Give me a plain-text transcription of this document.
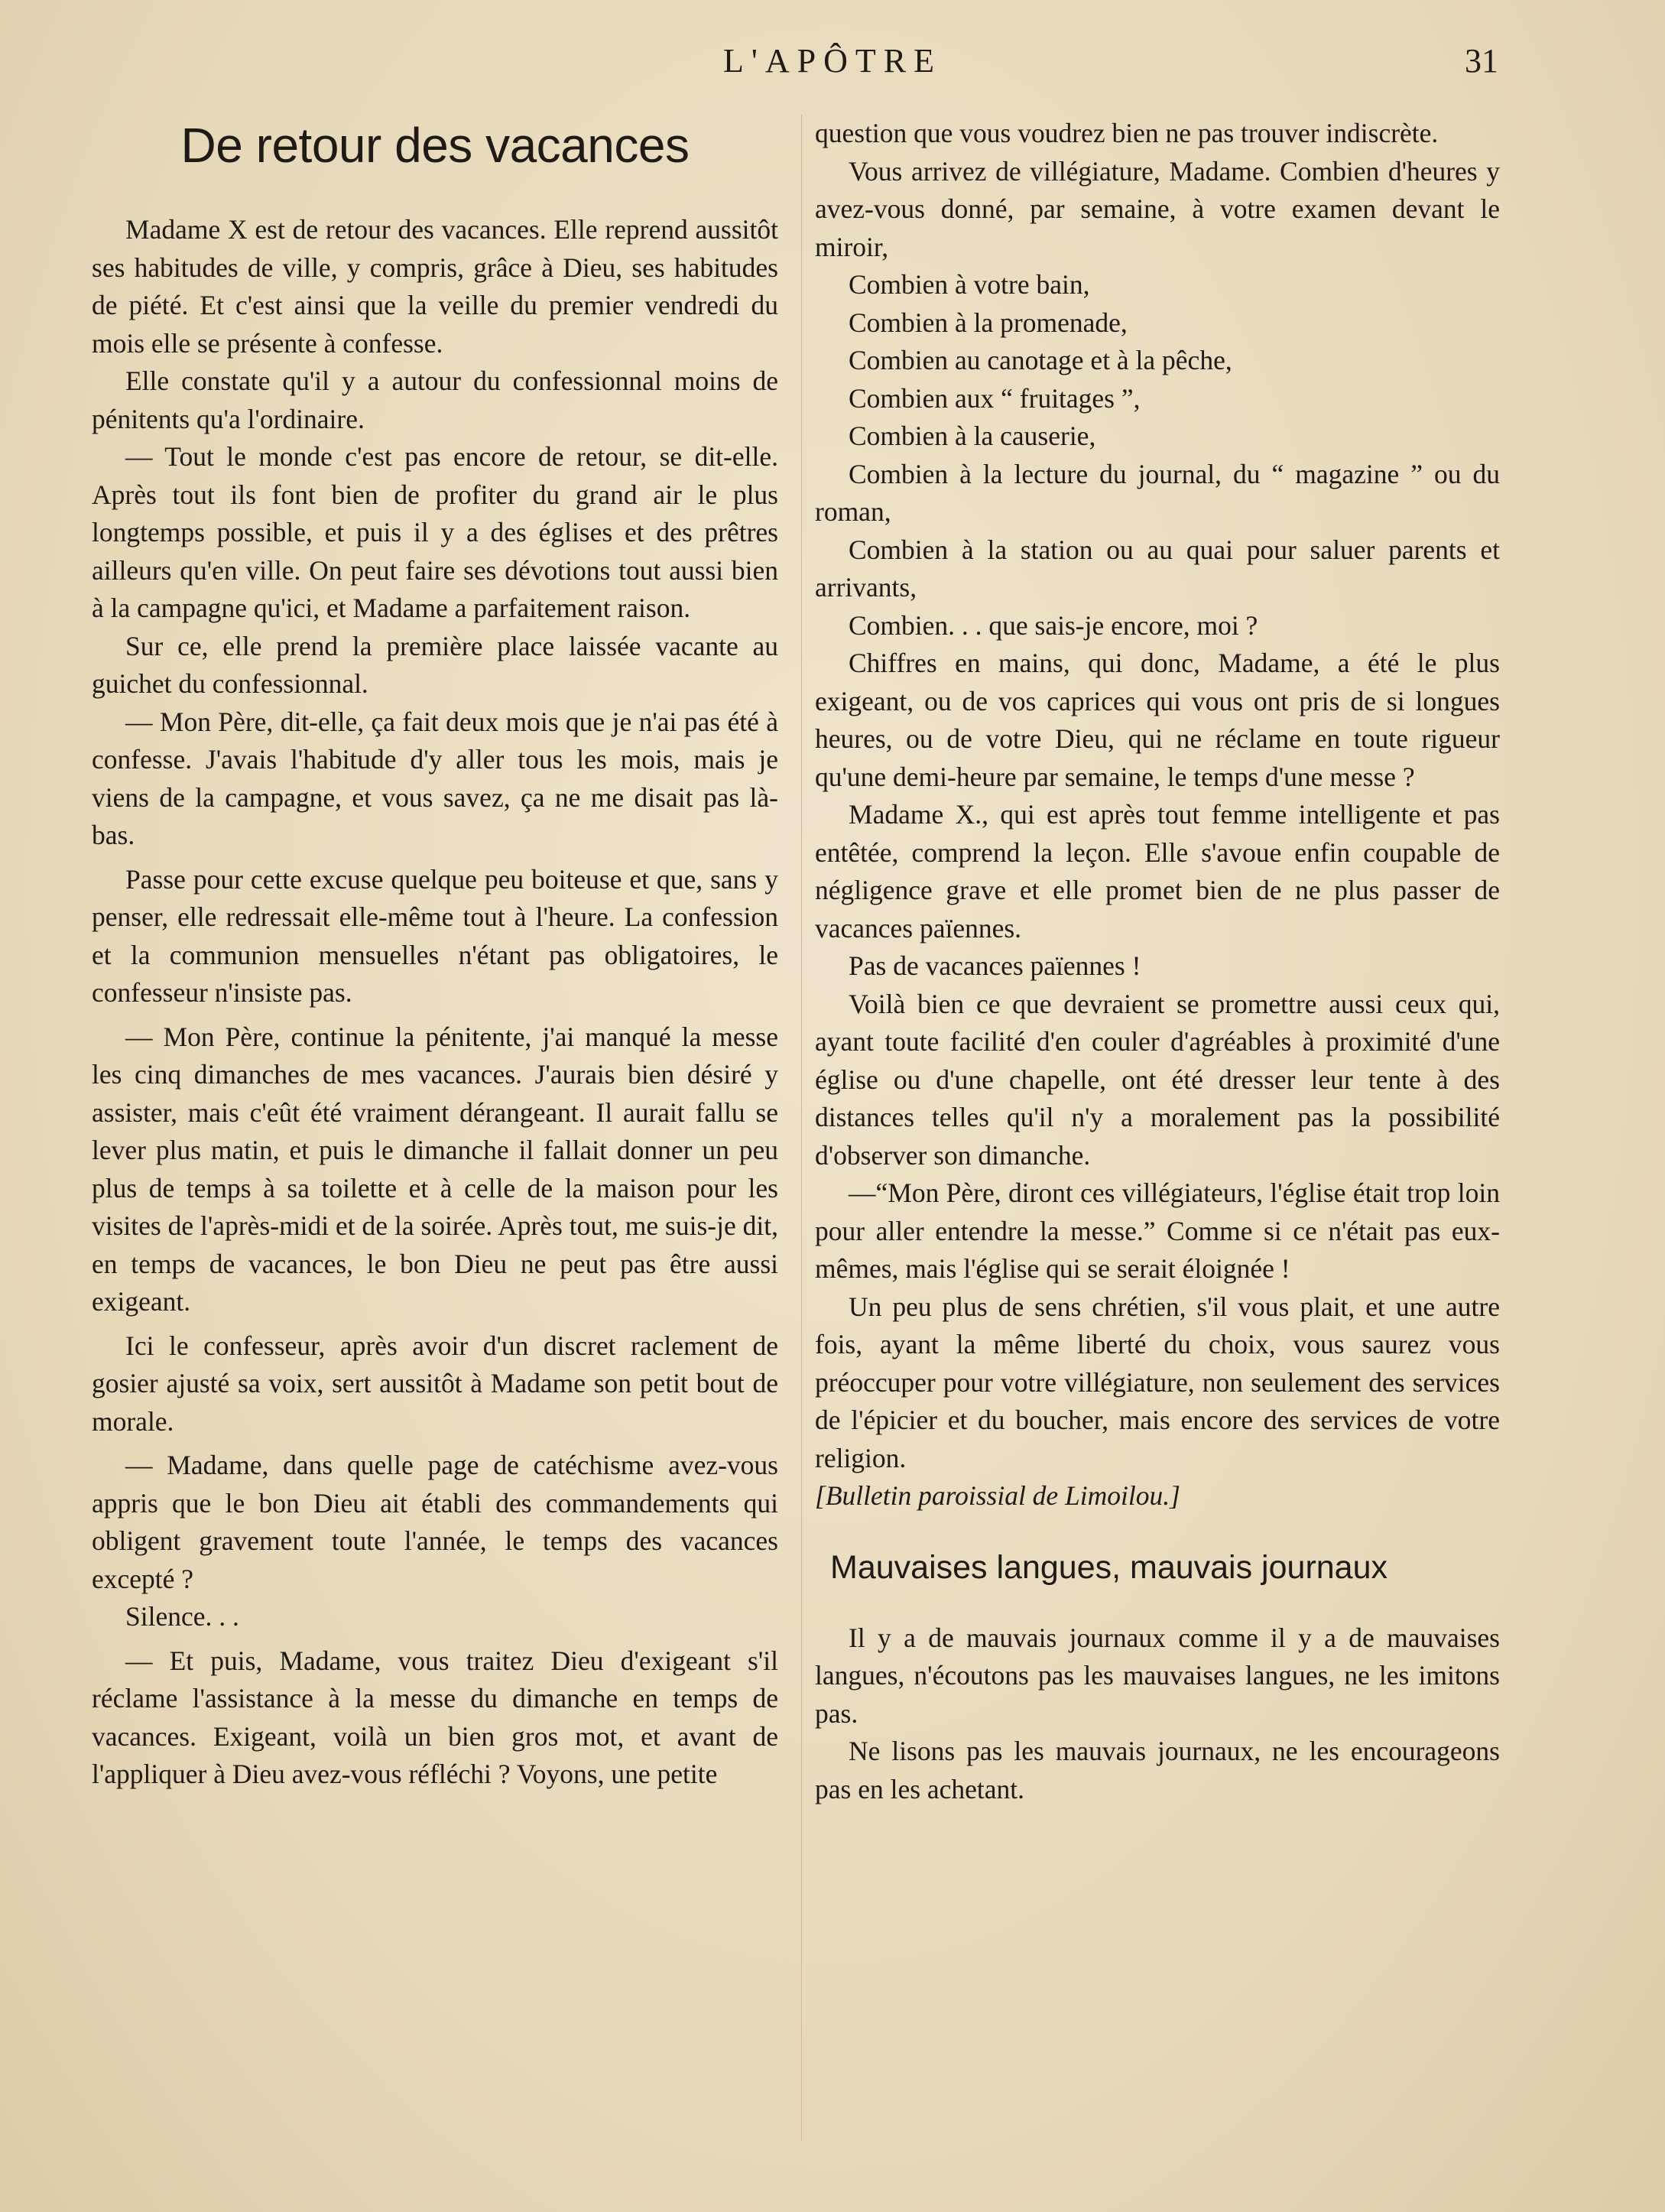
L'APÔTRE	31
De retour des vacances

Madame X est de retour des vacances. Elle reprend aussitôt ses habitudes de ville, y compris, grâce à Dieu, ses habitudes de piété. Et c'est ainsi que la veille du premier vendredi du mois elle se présente à confesse.

Elle constate qu'il y a autour du confessionnal moins de pénitents qu'a l'ordinaire.

— Tout le monde c'est pas encore de retour, se dit-elle. Après tout ils font bien de profiter du grand air le plus longtemps possible, et puis il y a des églises et des prêtres ailleurs qu'en ville. On peut faire ses dévotions tout aussi bien à la campagne qu'ici, et Madame a parfaitement raison.

Sur ce, elle prend la première place laissée vacante au guichet du confessionnal.

— Mon Père, dit-elle, ça fait deux mois que je n'ai pas été à confesse. J'avais l'habitude d'y aller tous les mois, mais je viens de la campagne, et vous savez, ça ne me disait pas là-bas.

Passe pour cette excuse quelque peu boiteuse et que, sans y penser, elle redressait elle-même tout à l'heure. La confession et la communion mensuelles n'étant pas obligatoires, le confesseur n'insiste pas.

— Mon Père, continue la pénitente, j'ai manqué la messe les cinq dimanches de mes vacances. J'aurais bien désiré y assister, mais c'eût été vraiment dérangeant. Il aurait fallu se lever plus matin, et puis le dimanche il fallait donner un peu plus de temps à sa toilette et à celle de la maison pour les visites de l'après-midi et de la soirée. Après tout, me suis-je dit, en temps de vacances, le bon Dieu ne peut pas être aussi exigeant.

Ici le confesseur, après avoir d'un discret raclement de gosier ajusté sa voix, sert aussitôt à Madame son petit bout de morale.

— Madame, dans quelle page de catéchisme avez-vous appris que le bon Dieu ait établi des commandements qui obligent gravement toute l'année, le temps des vacances excepté ?

Silence. . .

— Et puis, Madame, vous traitez Dieu d'exigeant s'il réclame l'assistance à la messe du dimanche en temps de vacances. Exigeant, voilà un bien gros mot, et avant de l'appliquer à Dieu avez-vous réfléchi ? Voyons, une petite

question que vous voudrez bien ne pas trouver indiscrète.

Vous arrivez de villégiature, Madame. Combien d'heures y avez-vous donné, par semaine, à votre examen devant le miroir,

Combien à votre bain,

Combien à la promenade,

Combien au canotage et à la pêche,

Combien aux “ fruitages ”,

Combien à la causerie,

Combien à la lecture du journal, du “ magazine ” ou du roman,

Combien à la station ou au quai pour saluer parents et arrivants,

Combien. . . que sais-je encore, moi ?

Chiffres en mains, qui donc, Madame, a été le plus exigeant, ou de vos caprices qui vous ont pris de si longues heures, ou de votre Dieu, qui ne réclame en toute rigueur qu'une demi-heure par semaine, le temps d'une messe ?

Madame X., qui est après tout femme intelligente et pas entêtée, comprend la leçon. Elle s'avoue enfin coupable de négligence grave et elle promet bien de ne plus passer de vacances païennes.

Pas de vacances païennes !

Voilà bien ce que devraient se promettre aussi ceux qui, ayant toute facilité d'en couler d'agréables à proximité d'une église ou d'une chapelle, ont été dresser leur tente à des distances telles qu'il n'y a moralement pas la possibilité d'observer son dimanche.

—“Mon Père, diront ces villégiateurs, l'église était trop loin pour aller entendre la messe.” Comme si ce n'était pas eux-mêmes, mais l'église qui se serait éloignée !

Un peu plus de sens chrétien, s'il vous plait, et une autre fois, ayant la même liberté du choix, vous saurez vous préoccuper pour votre villégiature, non seulement des services de l'épicier et du boucher, mais encore des services de votre religion.

[Bulletin paroissial de Limoilou.]

Mauvaises langues, mauvais journaux

Il y a de mauvais journaux comme il y a de mauvaises langues, n'écoutons pas les mauvaises langues, ne les imitons pas.

Ne lisons pas les mauvais journaux, ne les encourageons pas en les achetant.
